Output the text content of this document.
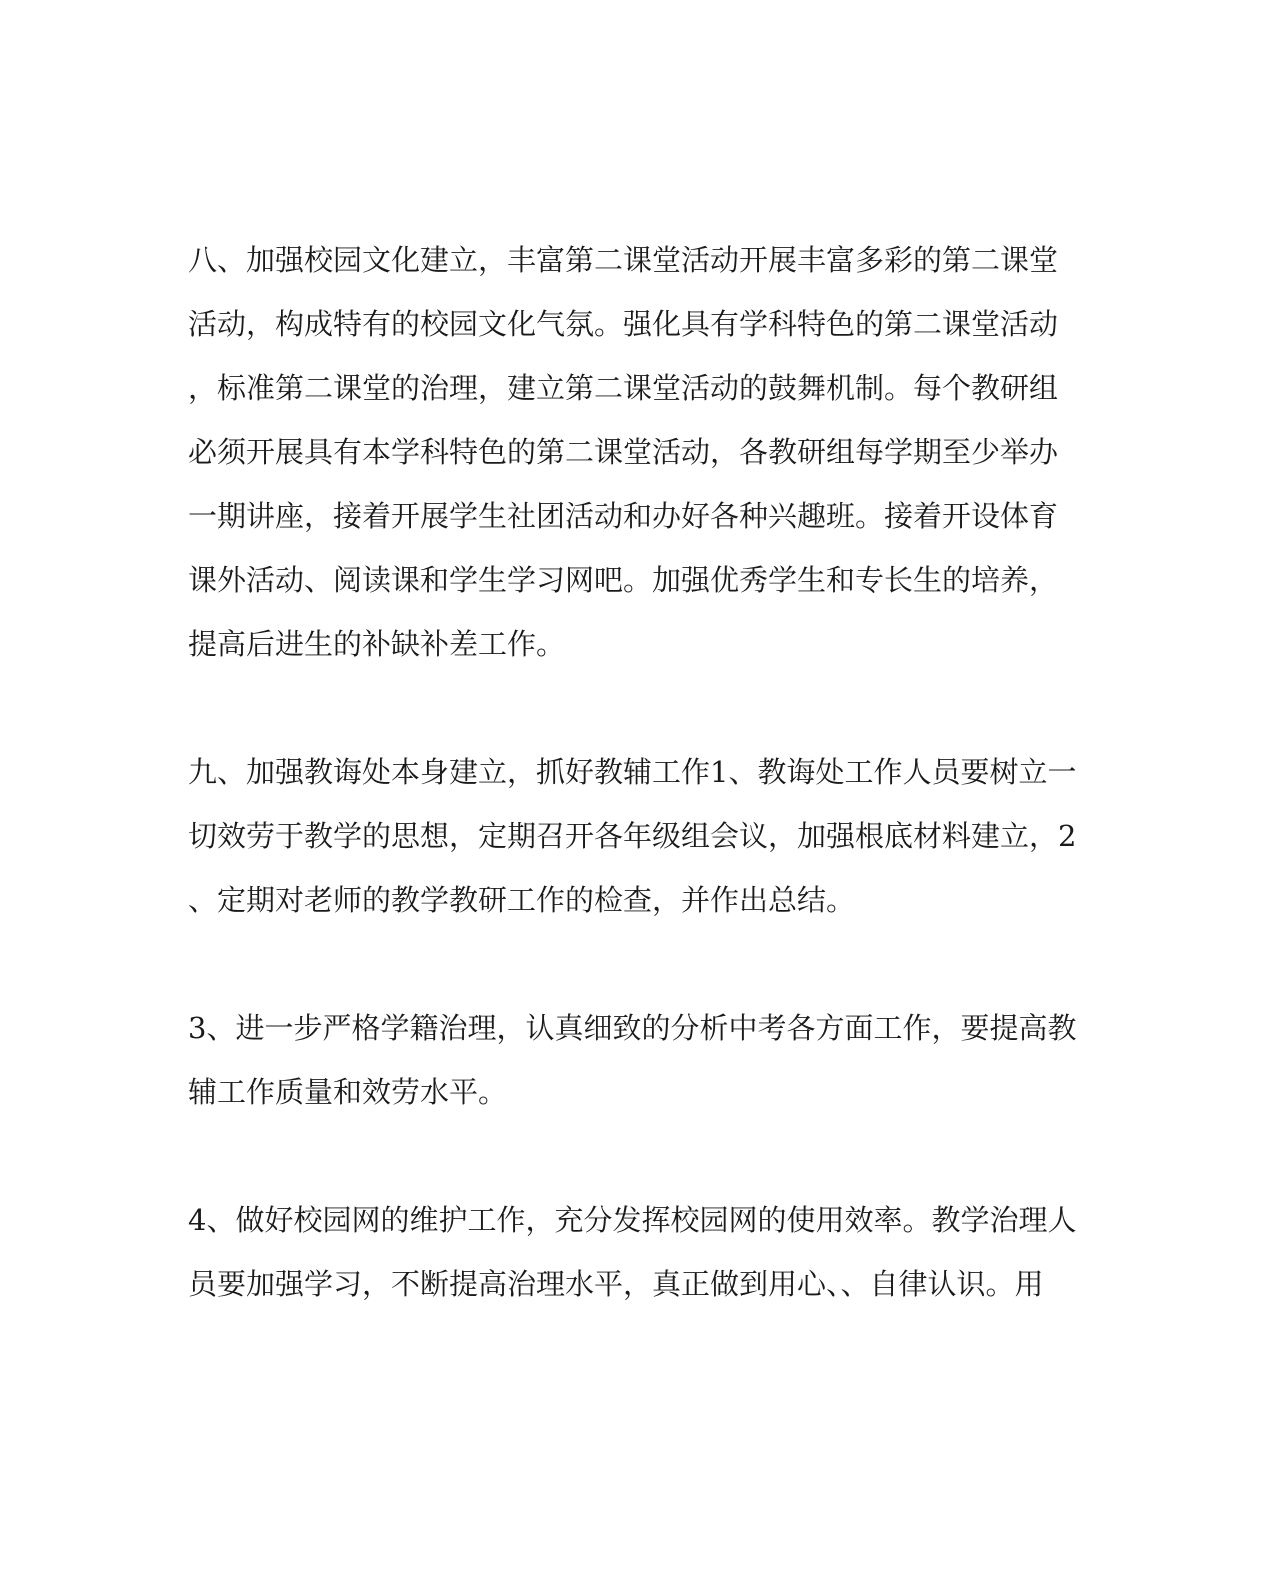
八、加强校园文化建立，丰富第二课堂活动开展丰富多彩的第二课堂
活动，构成特有的校园文化气氛。强化具有学科特色的第二课堂活动
，标准第二课堂的治理，建立第二课堂活动的鼓舞机制。每个教研组
必须开展具有本学科特色的第二课堂活动，各教研组每学期至少举办
一期讲座，接着开展学生社团活动和办好各种兴趣班。接着开设体育
课外活动、阅读课和学生学习网吧。加强优秀学生和专长生的培养，
提高后进生的补缺补差工作。

九、加强教诲处本身建立，抓好教辅工作1、教诲处工作人员要树立一
切效劳于教学的思想，定期召开各年级组会议，加强根底材料建立，2
、定期对老师的教学教研工作的检查，并作出总结。

3、进一步严格学籍治理，认真细致的分析中考各方面工作，要提高教
辅工作质量和效劳水平。

4、做好校园网的维护工作，充分发挥校园网的使用效率。教学治理人
员要加强学习，不断提高治理水平，真正做到用心、、自律认识。用
